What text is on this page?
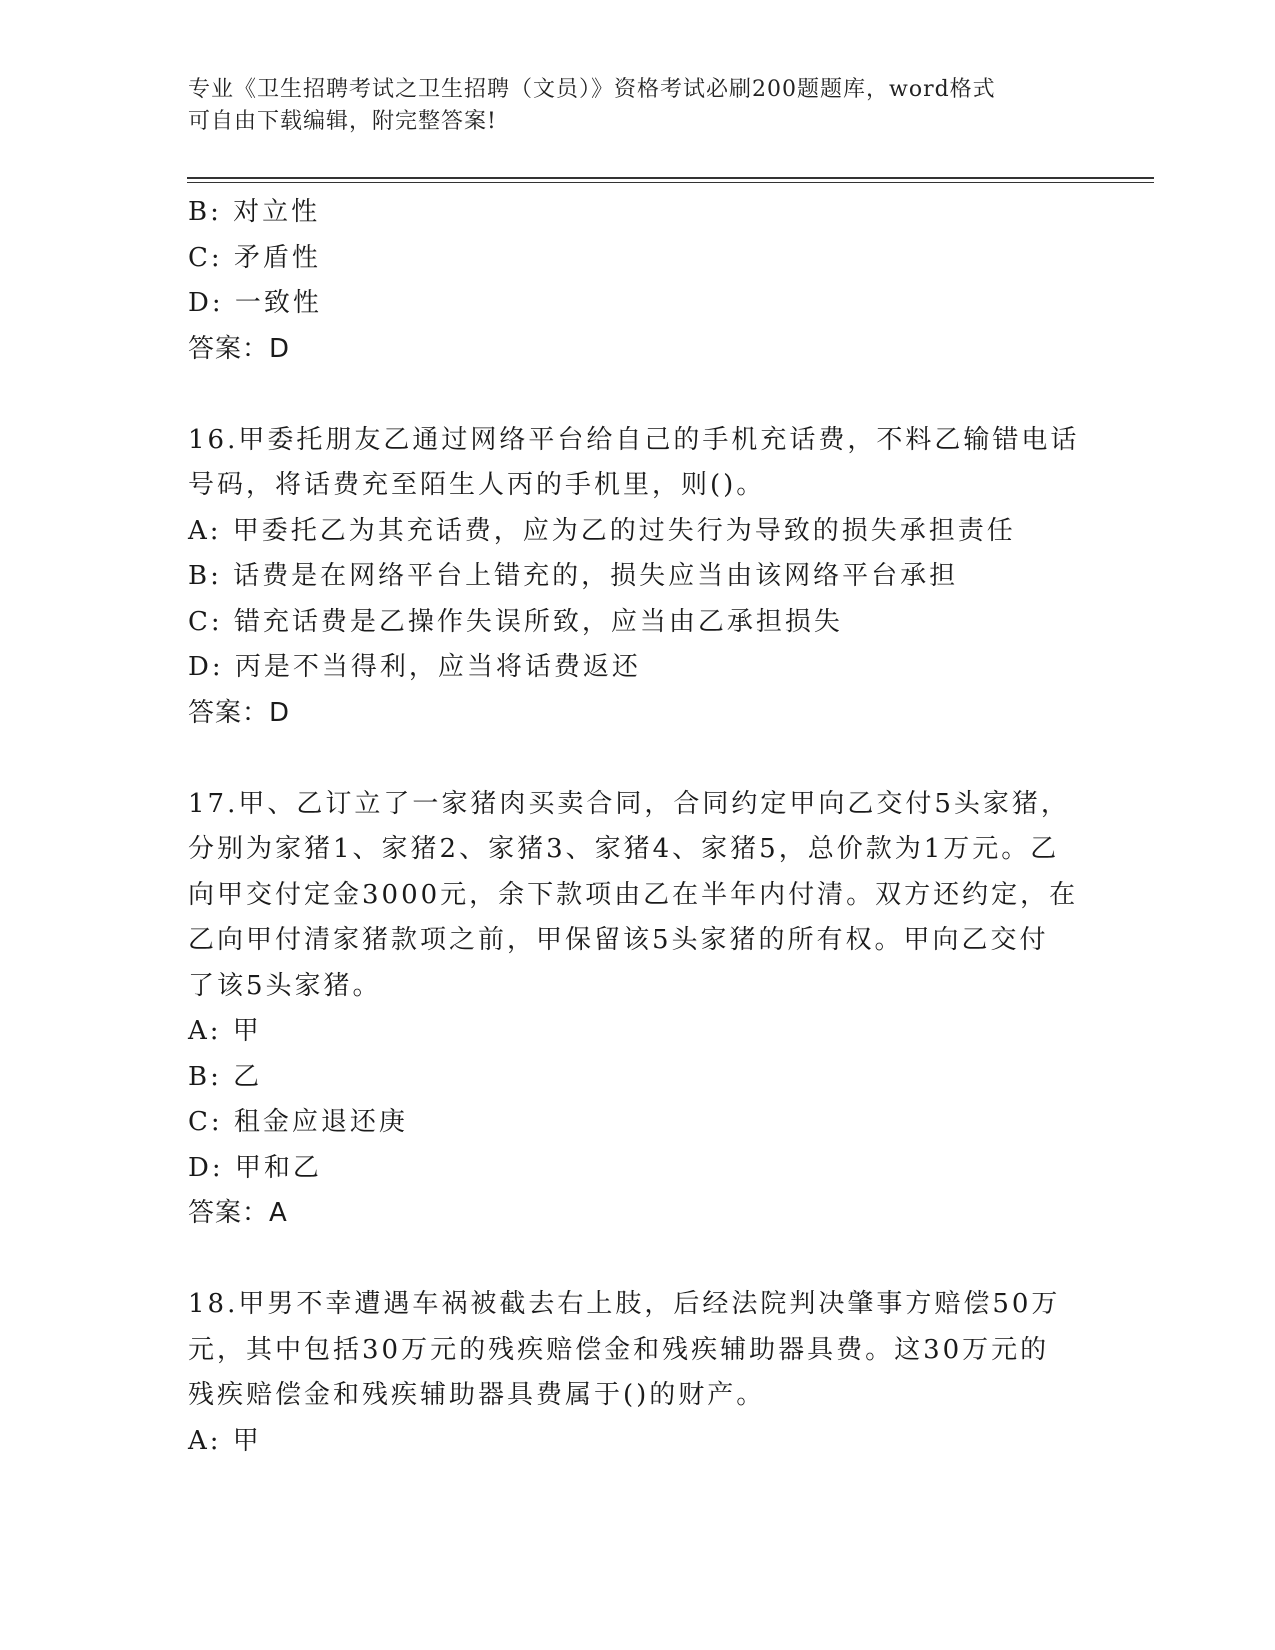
专业《卫生招聘考试之卫生招聘（文员）》资格考试必刷200题题库，word格式
可自由下载编辑，附完整答案!
B: 对立性
C: 矛盾性
D: 一致性
答案：D
16.甲委托朋友乙通过网络平台给自己的手机充话费，不料乙输错电话
号码，将话费充至陌生人丙的手机里，则()。
A: 甲委托乙为其充话费，应为乙的过失行为导致的损失承担责任
B: 话费是在网络平台上错充的，损失应当由该网络平台承担
C: 错充话费是乙操作失误所致，应当由乙承担损失
D: 丙是不当得利，应当将话费返还
答案：D
17.甲、乙订立了一家猪肉买卖合同，合同约定甲向乙交付5头家猪，
分别为家猪1、家猪2、家猪3、家猪4、家猪5，总价款为1万元。乙
向甲交付定金3000元，余下款项由乙在半年内付清。双方还约定，在
乙向甲付清家猪款项之前，甲保留该5头家猪的所有权。甲向乙交付
了该5头家猪。
A: 甲
B: 乙
C: 租金应退还庚
D: 甲和乙
答案：A
18.甲男不幸遭遇车祸被截去右上肢，后经法院判决肇事方赔偿50万
元，其中包括30万元的残疾赔偿金和残疾辅助器具费。这30万元的
残疾赔偿金和残疾辅助器具费属于()的财产。
A: 甲
